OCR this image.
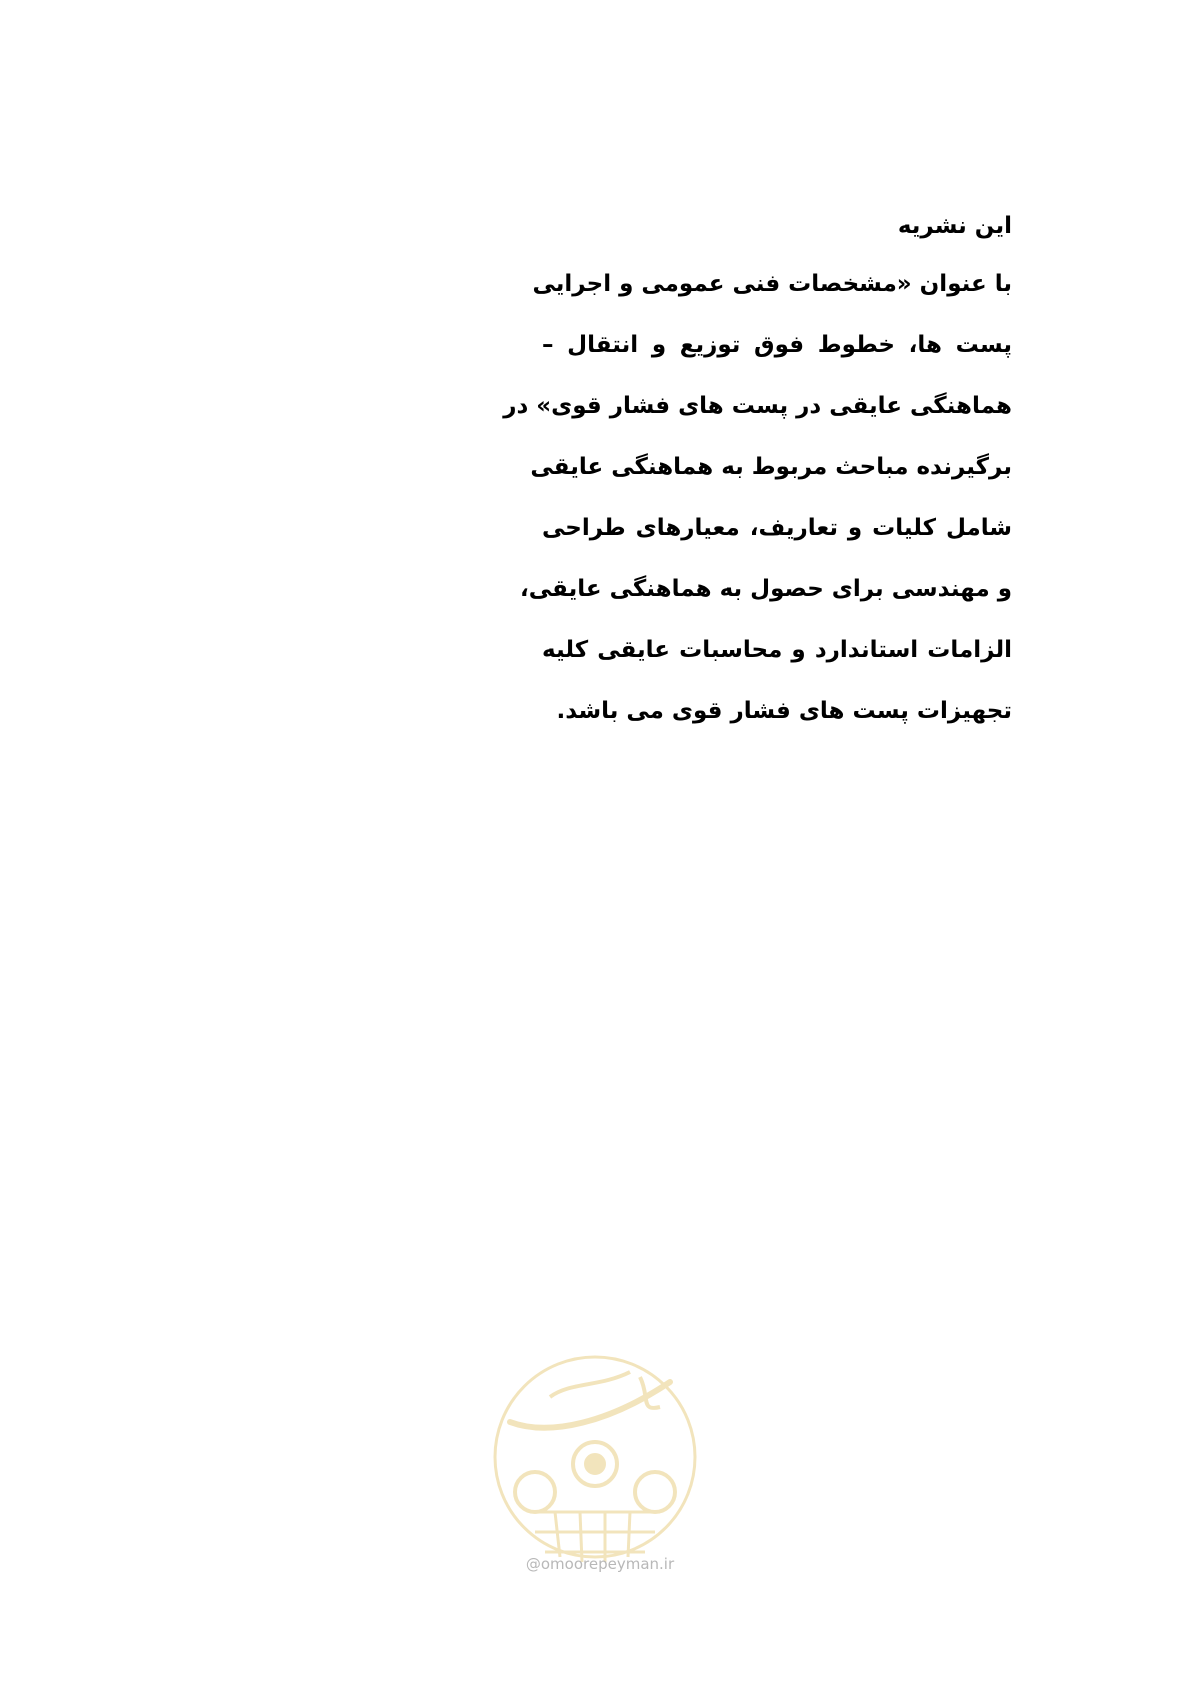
این نشریه
با عنوان «مشخصات فنی عمومی و اجرایی
پست ها، خطوط فوق توزیع و انتقال –
هماهنگی عایقی در پست های فشار قوی» در
برگیرنده مباحث مربوط به هماهنگی عایقی
شامل کلیات و تعاریف، معیارهای طراحی
و مهندسی برای حصول به هماهنگی عایقی،
الزامات استاندارد و محاسبات عایقی کلیه
تجهیزات پست های فشار قوی می باشد.
@omoorepeyman.ir
